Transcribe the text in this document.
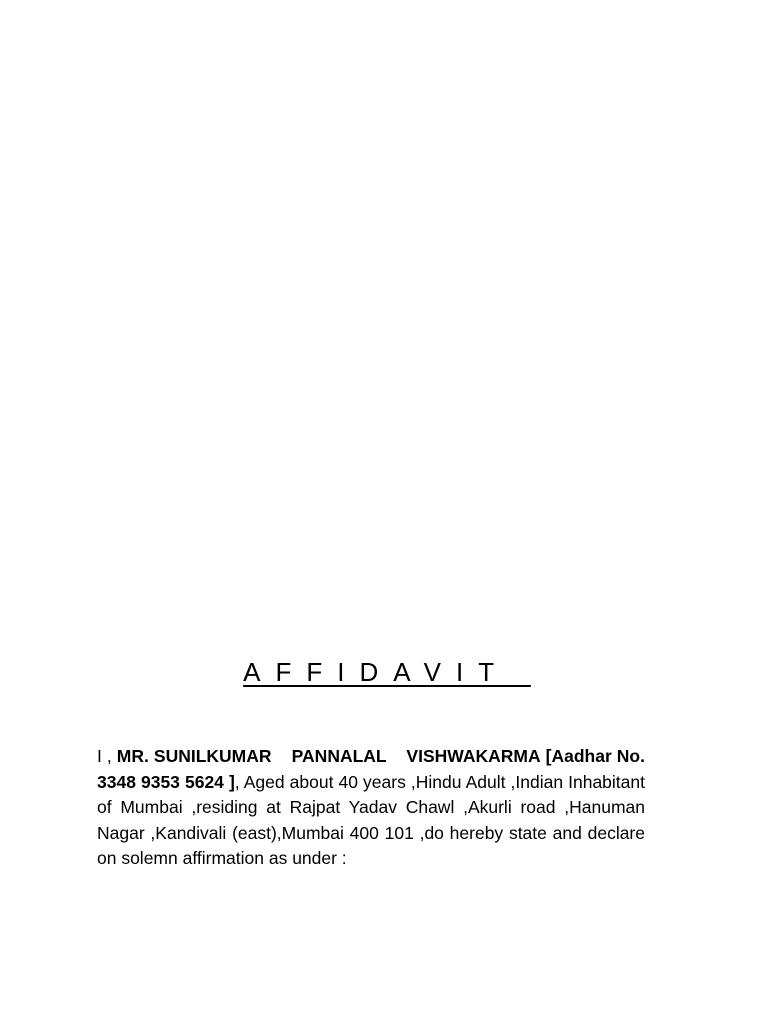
AFFIDAVIT

I , MR. SUNILKUMAR    PANNALAL    VISHWAKARMA [Aadhar No. 3348 9353 5624 ], Aged about 40 years ,Hindu Adult ,Indian Inhabitant of Mumbai ,residing at Rajpat Yadav Chawl ,Akurli road ,Hanuman Nagar ,Kandivali (east),Mumbai 400 101 ,do hereby state and declare on solemn affirmation as under :
